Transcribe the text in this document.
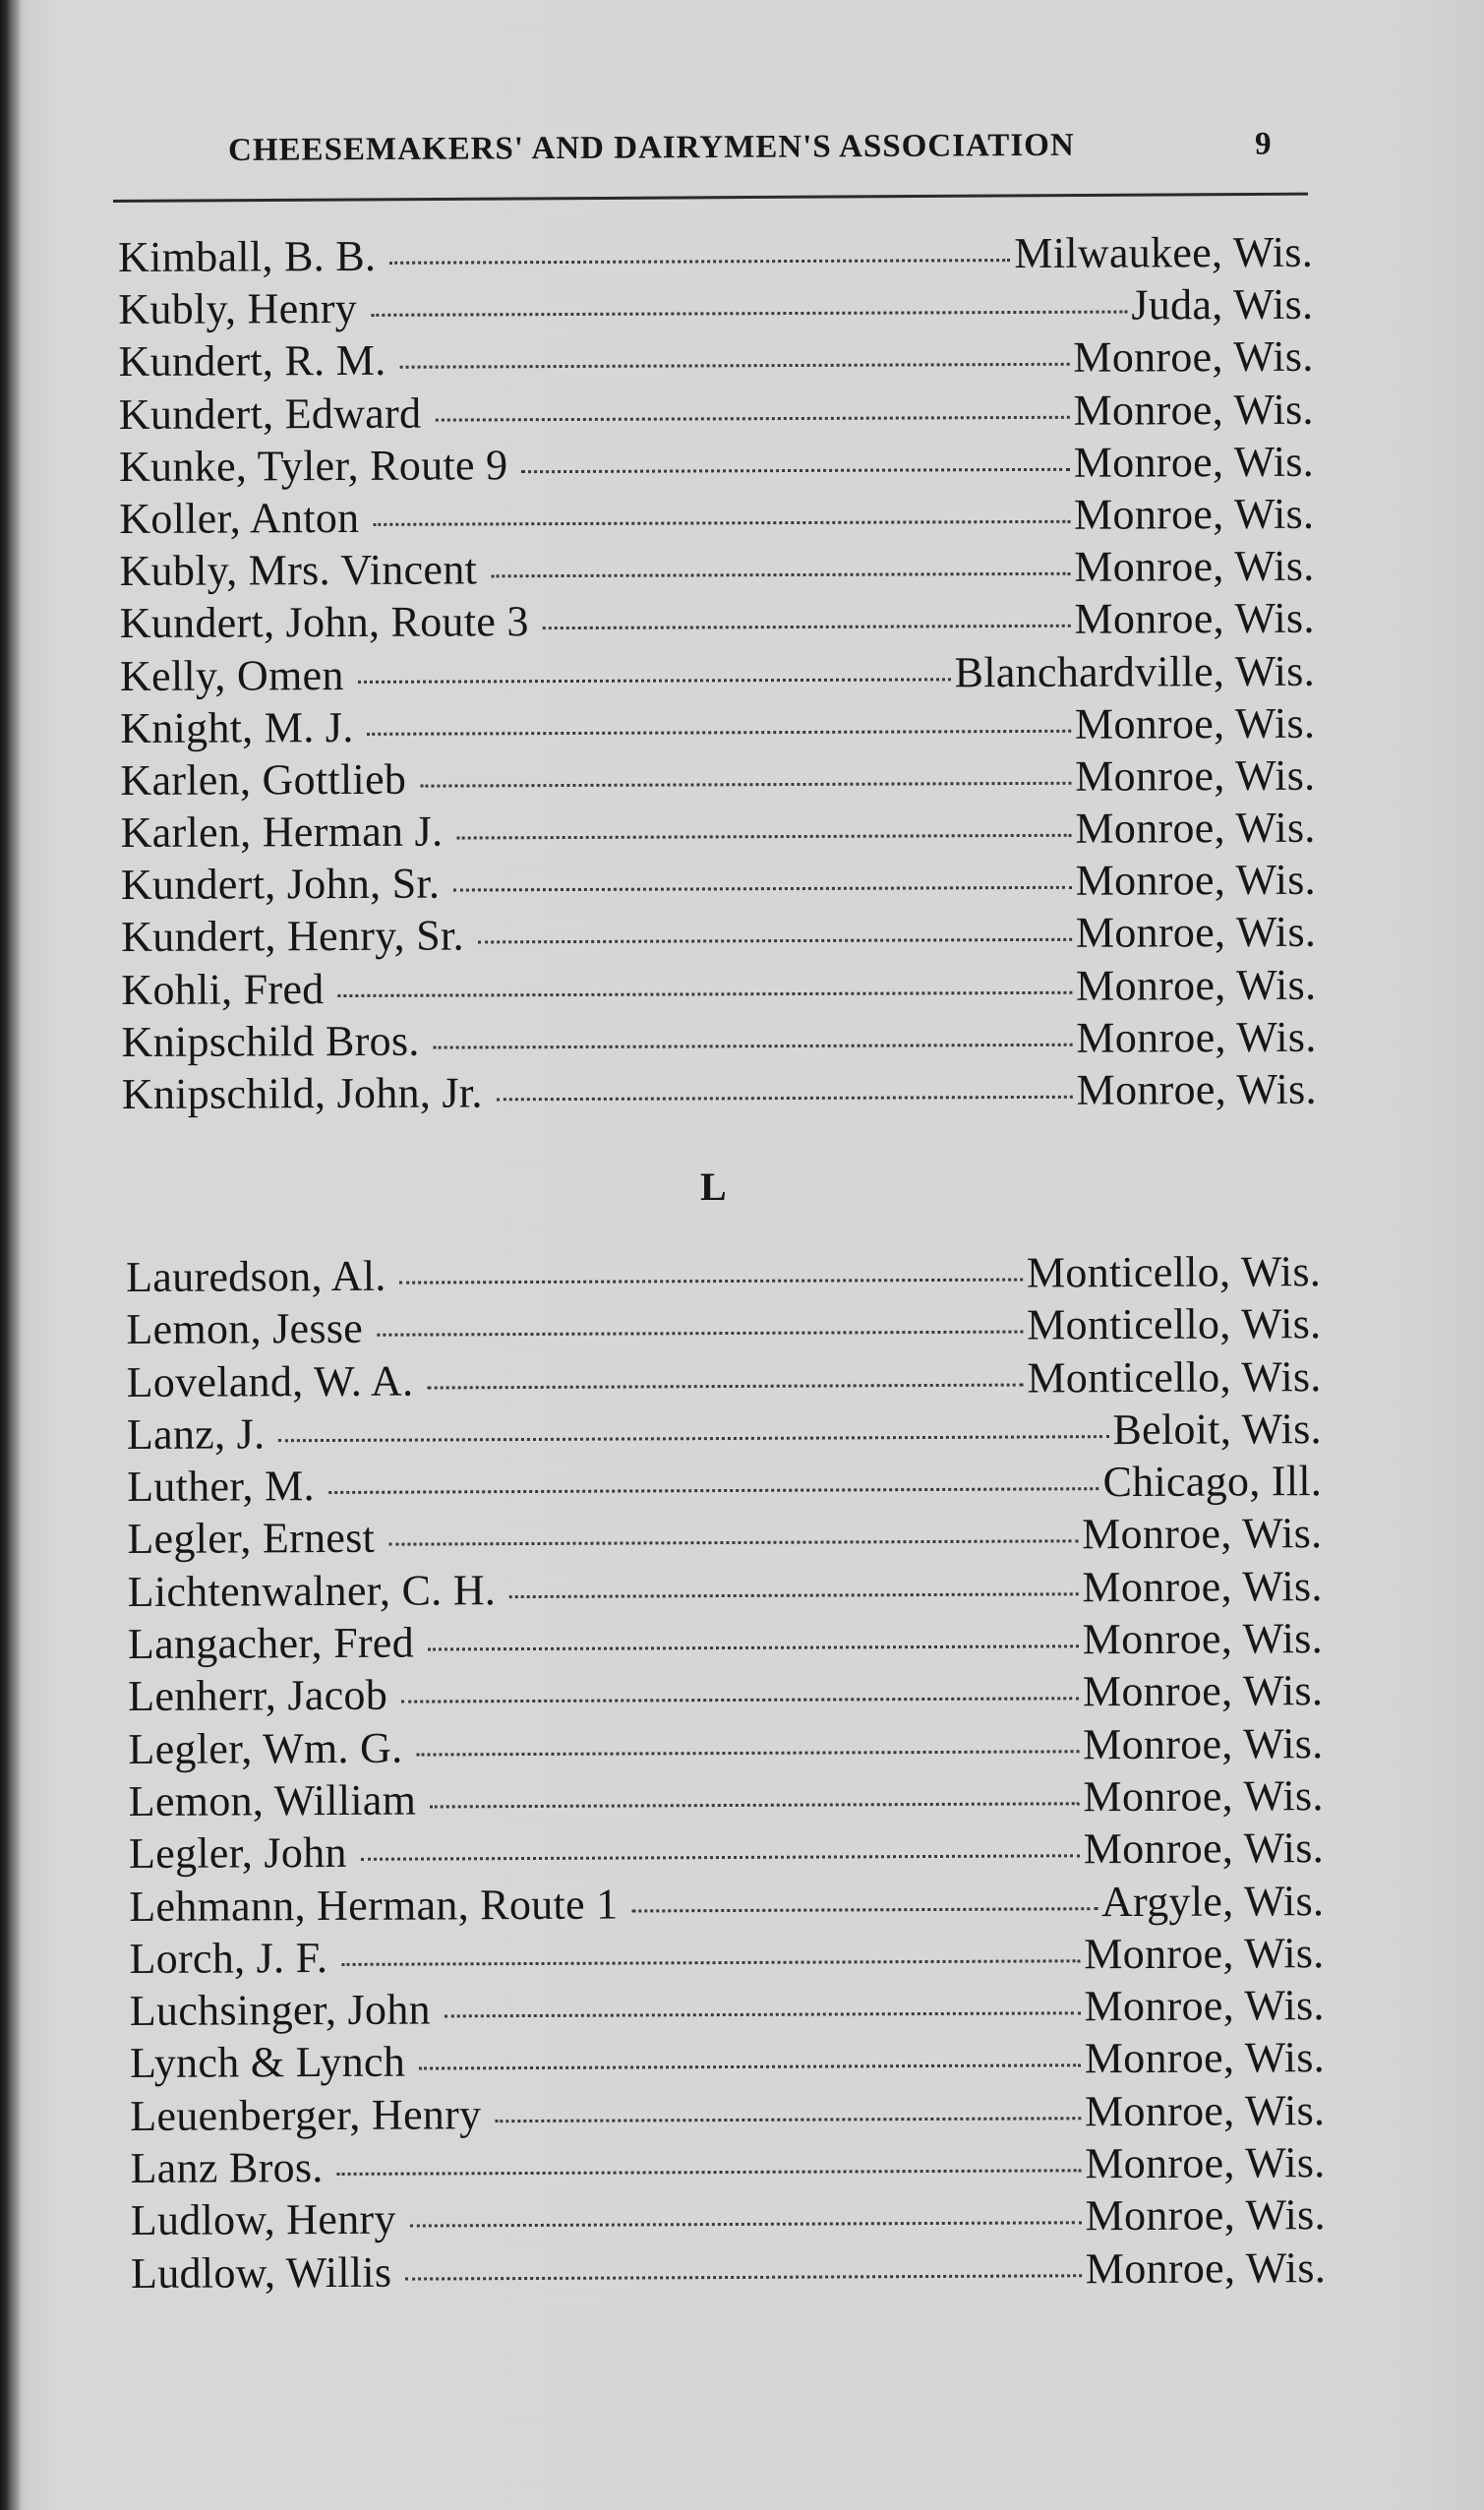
CHEESEMAKERS' AND DAIRYMEN'S ASSOCIATION	9
Kimball, B. B.	Milwaukee, Wis.
Kubly, Henry	Juda, Wis.
Kundert, R. M.	Monroe, Wis.
Kundert, Edward	Monroe, Wis.
Kunke, Tyler, Route 9	Monroe, Wis.
Koller, Anton	Monroe, Wis.
Kubly, Mrs. Vincent	Monroe, Wis.
Kundert, John, Route 3	Monroe, Wis.
Kelly, Omen	Blanchardville, Wis.
Knight, M. J.	Monroe, Wis.
Karlen, Gottlieb	Monroe, Wis.
Karlen, Herman J.	Monroe, Wis.
Kundert, John, Sr.	Monroe, Wis.
Kundert, Henry, Sr.	Monroe, Wis.
Kohli, Fred	Monroe, Wis.
Knipschild Bros.	Monroe, Wis.
Knipschild, John, Jr.	Monroe, Wis.
L
Lauredson, Al.	Monticello, Wis.
Lemon, Jesse	Monticello, Wis.
Loveland, W. A.	Monticello, Wis.
Lanz, J.	Beloit, Wis.
Luther, M.	Chicago, Ill.
Legler, Ernest	Monroe, Wis.
Lichtenwalner, C. H.	Monroe, Wis.
Langacher, Fred	Monroe, Wis.
Lenherr, Jacob	Monroe, Wis.
Legler, Wm. G.	Monroe, Wis.
Lemon, William	Monroe, Wis.
Legler, John	Monroe, Wis.
Lehmann, Herman, Route 1	Argyle, Wis.
Lorch, J. F.	Monroe, Wis.
Luchsinger, John	Monroe, Wis.
Lynch & Lynch	Monroe, Wis.
Leuenberger, Henry	Monroe, Wis.
Lanz Bros.	Monroe, Wis.
Ludlow, Henry	Monroe, Wis.
Ludlow, Willis	Monroe, Wis.
